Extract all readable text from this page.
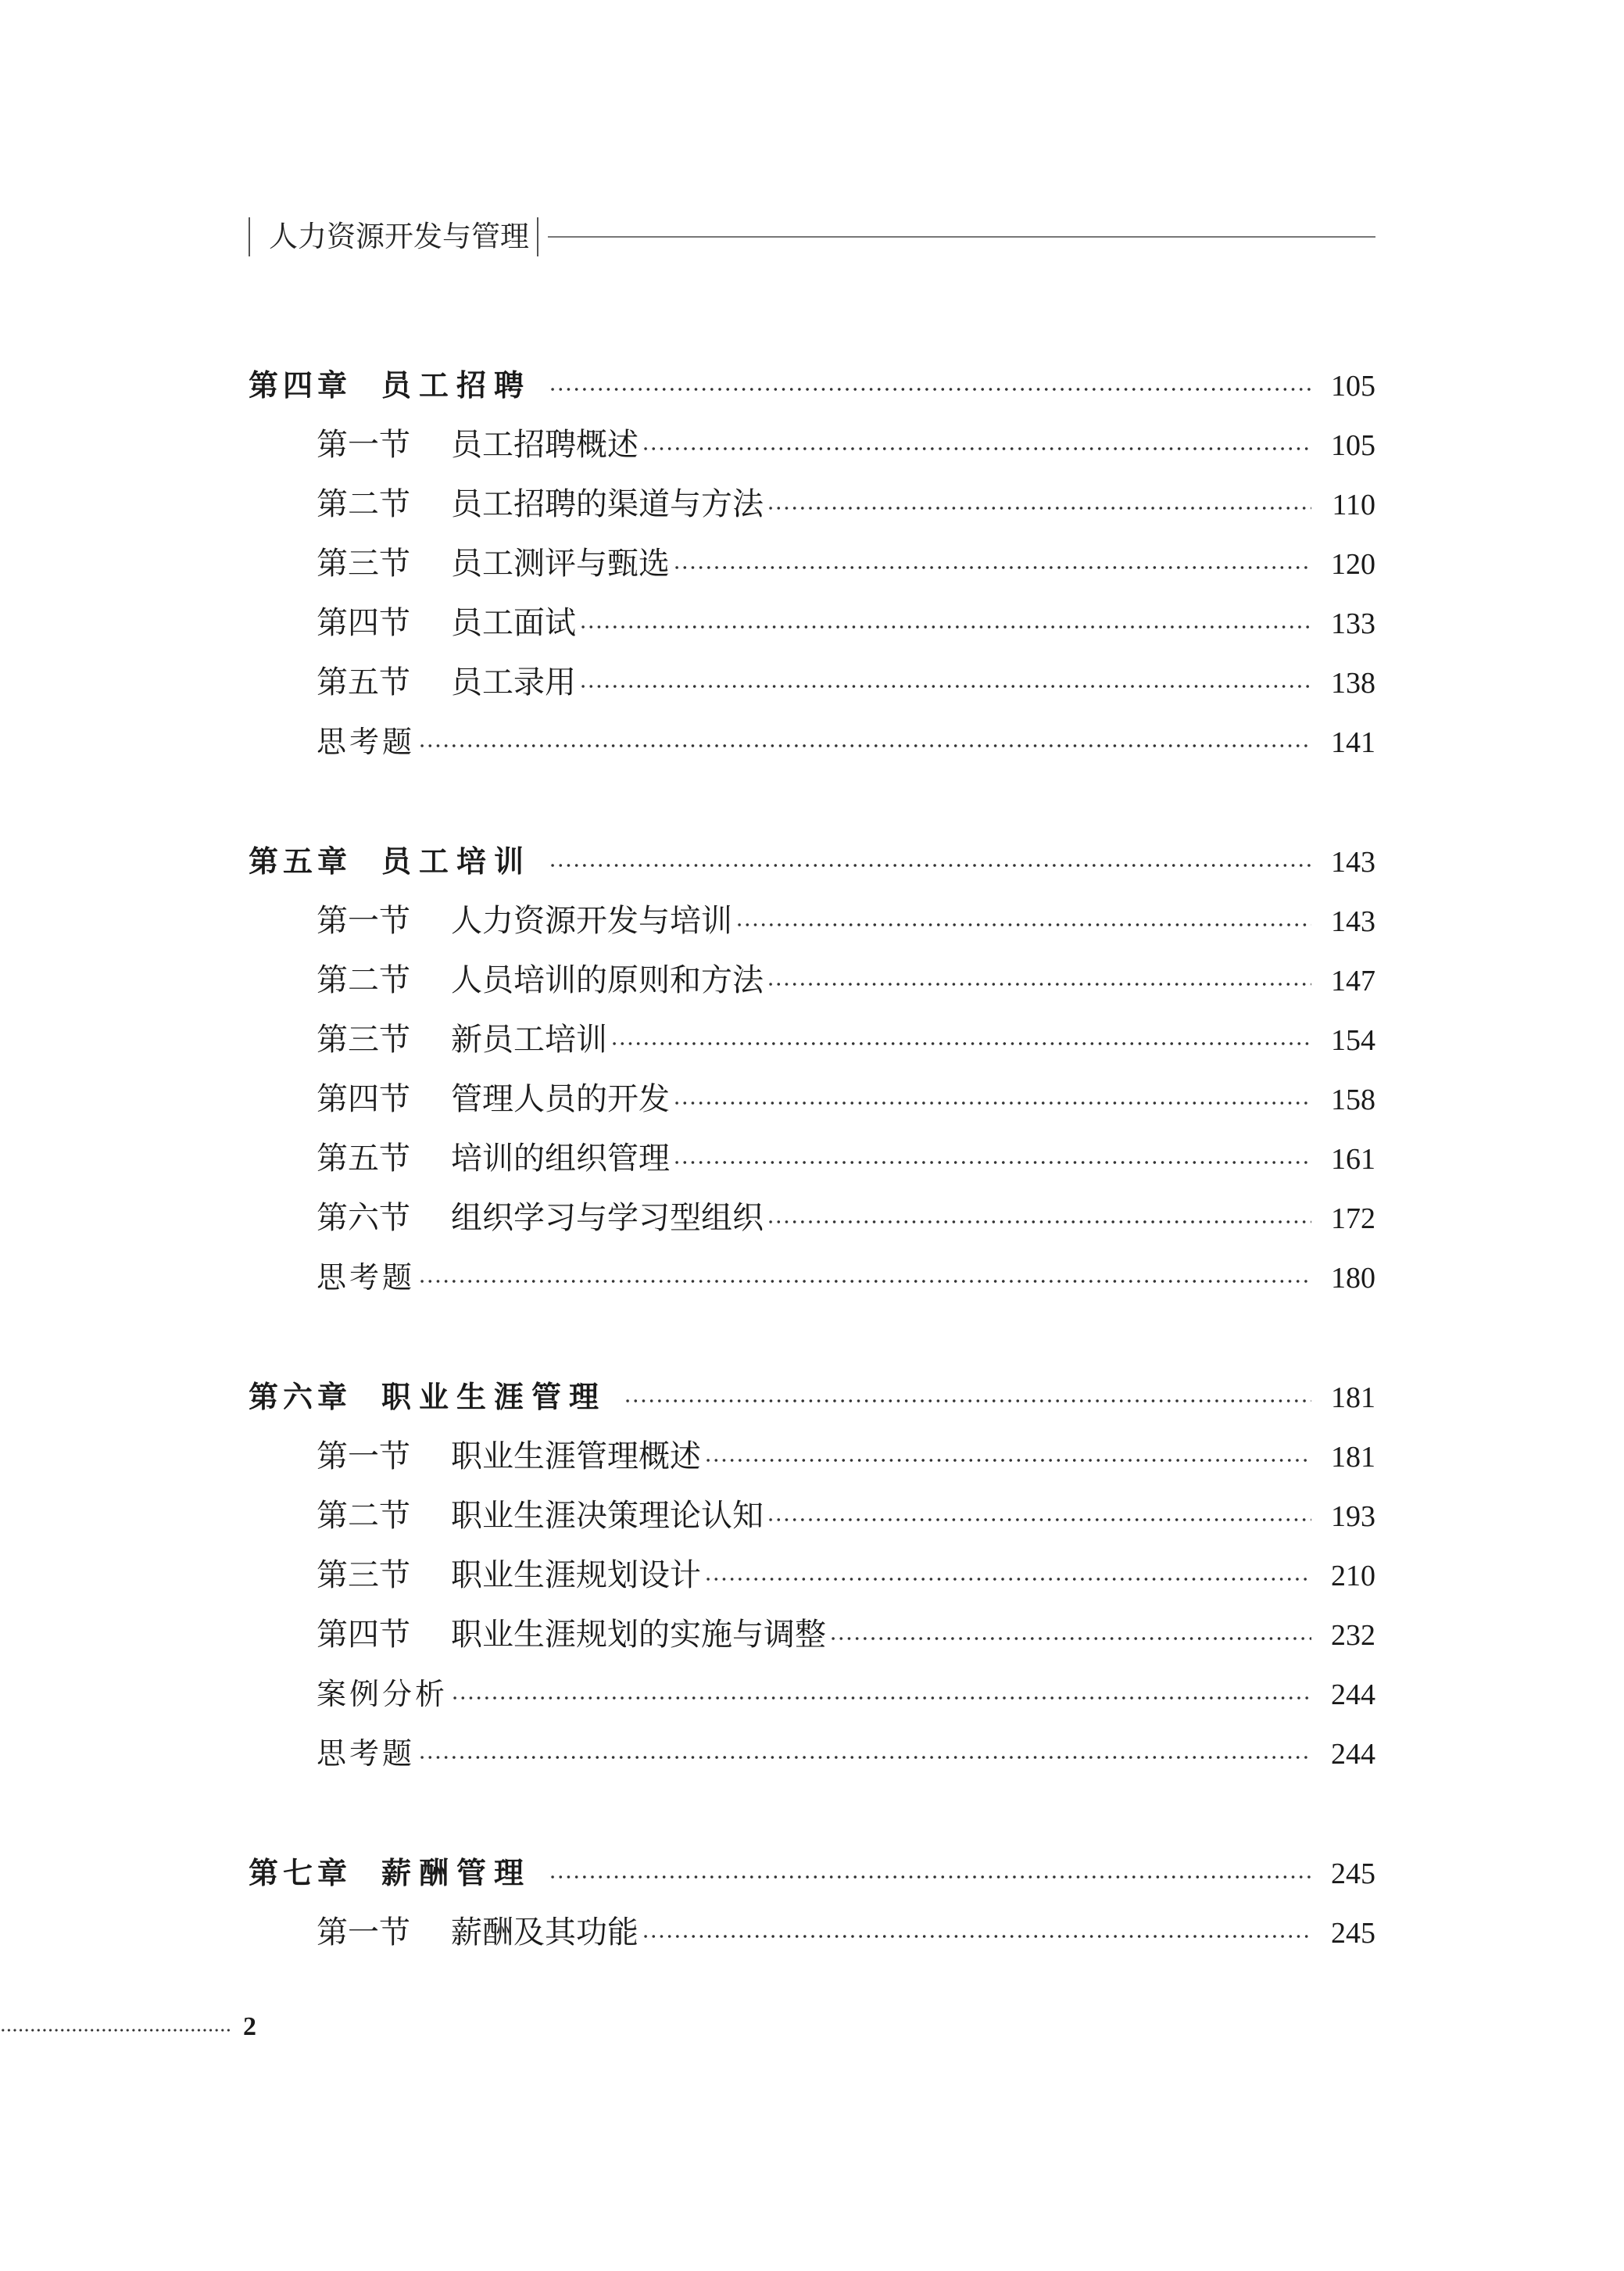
人力资源开发与管理
第四章 员工招聘	105
第一节	员工招聘概述	105
第二节	员工招聘的渠道与方法	110
第三节	员工测评与甄选	120
第四节	员工面试	133
第五节	员工录用	138
思考题	141
第五章 员工培训	143
第一节	人力资源开发与培训	143
第二节	人员培训的原则和方法	147
第三节	新员工培训	154
第四节	管理人员的开发	158
第五节	培训的组织管理	161
第六节	组织学习与学习型组织	172
思考题	180
第六章 职业生涯管理	181
第一节	职业生涯管理概述	181
第二节	职业生涯决策理论认知	193
第三节	职业生涯规划设计	210
第四节	职业生涯规划的实施与调整	232
案例分析	244
思考题	244
第七章 薪酬管理	245
第一节	薪酬及其功能	245
2
